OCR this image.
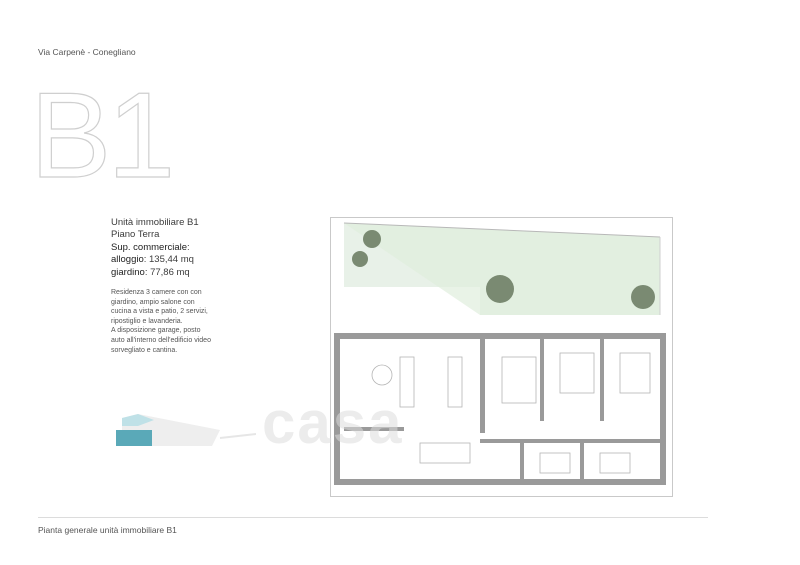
Via Carpenè - Conegliano
B1
Unità immobiliare B1
Piano Terra
Sup. commerciale:
alloggio: 135,44 mq
giardino: 77,86 mq
Residenza 3 camere con con
giardino, ampio salone con
cucina a vista e patio, 2 servizi,
ripostiglio e lavanderia.
A disposizione garage, posto
auto all'interno dell'edificio video
sorvegliato e cantina.
casa
Pianta generale unità immobiliare B1
